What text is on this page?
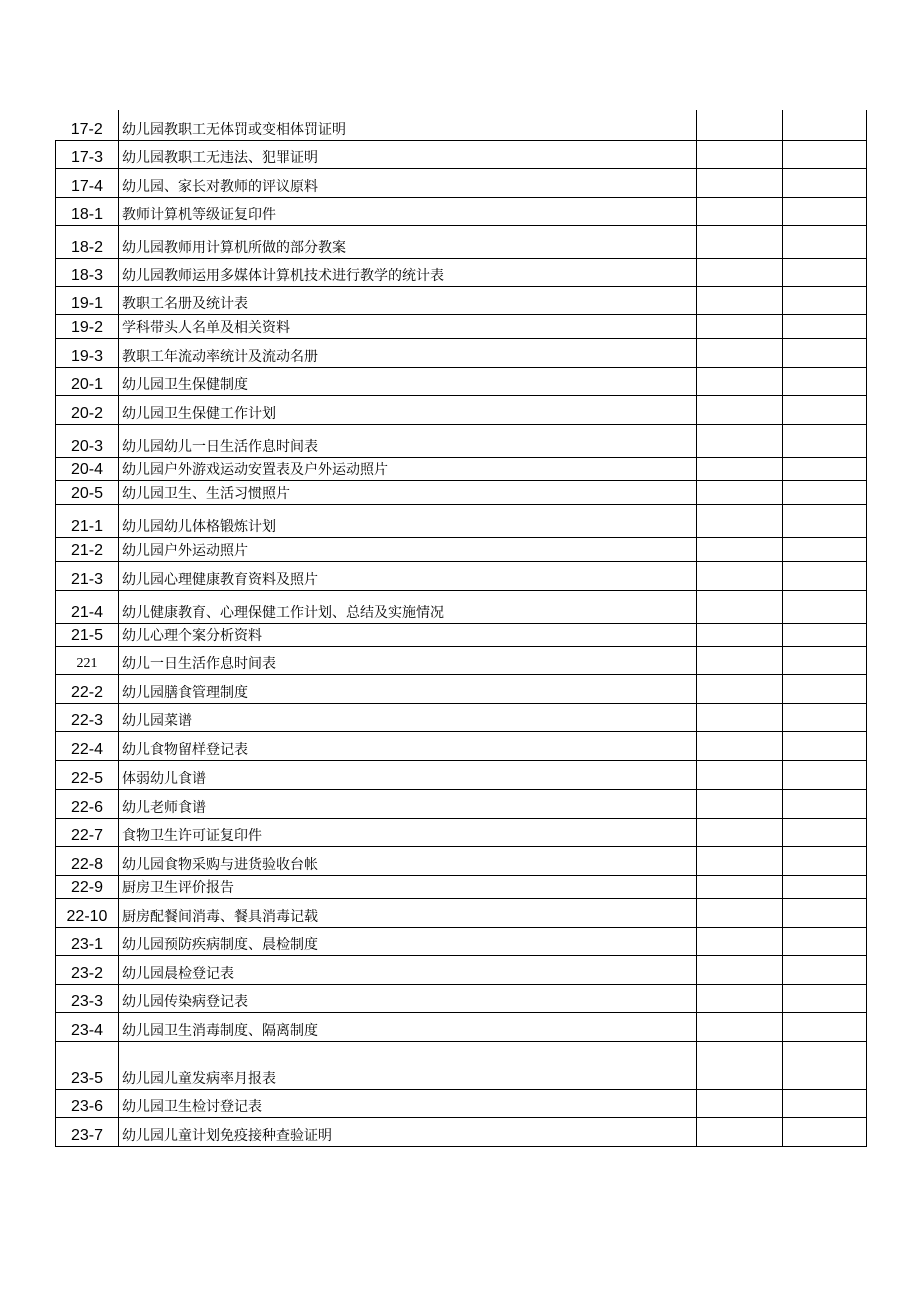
17-2	幼儿园教职工无体罚或变相体罚证明		
17-3	幼儿园教职工无违法、犯罪证明		
17-4	幼儿园、家长对教师的评议原料		
18-1	教师计算机等级证复印件		
18-2	幼儿园教师用计算机所做的部分教案		
18-3	幼儿园教师运用多媒体计算机技术进行教学的统计表		
19-1	教职工名册及统计表		
19-2	学科带头人名单及相关资料		
19-3	教职工年流动率统计及流动名册		
20-1	幼儿园卫生保健制度		
20-2	幼儿园卫生保健工作计划		
20-3	幼儿园幼儿一日生活作息时间表		
20-4	幼儿园户外游戏运动安置表及户外运动照片		
20-5	幼儿园卫生、生活习惯照片		
21-1	幼儿园幼儿体格锻炼计划		
21-2	幼儿园户外运动照片		
21-3	幼儿园心理健康教育资料及照片		
21-4	幼儿健康教育、心理保健工作计划、总结及实施情况		
21-5	幼儿心理个案分析资料		
221	幼儿一日生活作息时间表		
22-2	幼儿园膳食管理制度		
22-3	幼儿园菜谱		
22-4	幼儿食物留样登记表		
22-5	体弱幼儿食谱		
22-6	幼儿老师食谱		
22-7	食物卫生许可证复印件		
22-8	幼儿园食物采购与进货验收台帐		
22-9	厨房卫生评价报告		
22-10	厨房配餐间消毒、餐具消毒记载		
23-1	幼儿园预防疾病制度、晨检制度		
23-2	幼儿园晨检登记表		
23-3	幼儿园传染病登记表		
23-4	幼儿园卫生消毒制度、隔离制度		
23-5	幼儿园儿童发病率月报表		
23-6	幼儿园卫生检讨登记表		
23-7	幼儿园儿童计划免疫接种查验证明		
